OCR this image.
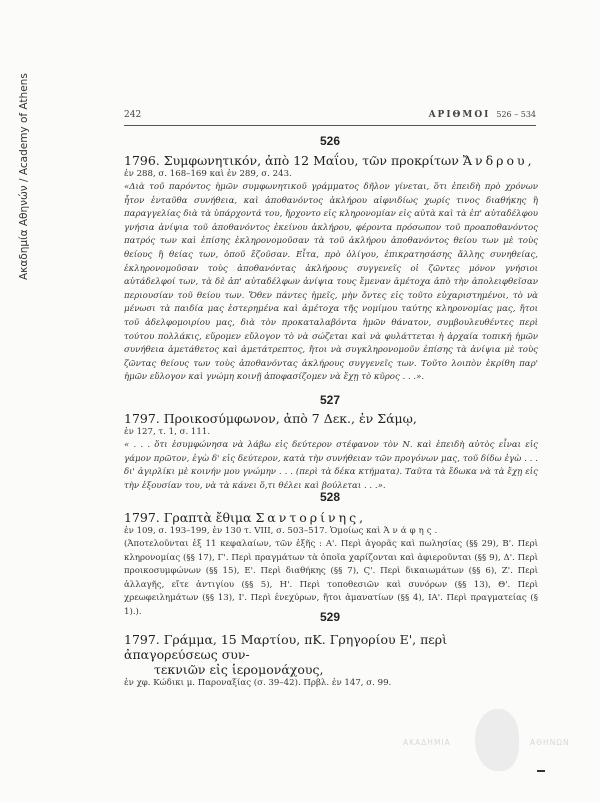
Ακαδημία Αθηνών / Academy of Athens	242	ΑΡΙΘΜΟΙ 526 – 534
526
1796. Συμφωνητικόν, ἀπὸ 12 Μαΐου, τῶν προκρίτων Ἄνδρου,
ἐν 288, σ. 168–169 καὶ ἐν 289, σ. 243.
«Διὰ τοῦ παρόντος ἡμῶν συμφωνητικοῦ γράμματος δῆλον γίνεται, ὅτι ἐπειδὴ πρὸ χρόνων ἦτον ἐνταῦθα συνήθεια, καὶ ἀποθανόντος ἀκλήρου αἰφνιδίως χωρίς τινος διαθήκης ἢ παραγγελίας διὰ τὰ ὑπάρχοντά του, ἤρχοντο εἰς κληρονομίαν εἰς αὐτὰ καὶ τὰ ἐπ' αὐταδέλφου γνήσια ἀνίψια τοῦ ἀποθανόντος ἐκείνου ἀκλήρου, φέροντα πρόσωπον τοῦ προαποθανόντος πατρός των καὶ ἐπίσης ἐκληρονομοῦσαν τὰ τοῦ ἀκλήρου ἀποθανόντος θείου των μὲ τοὺς θείους ἢ θείας των, ὁποῦ ἔζοῦσαν. Εἶτα, πρὸ ὀλίγου, ἐπικρατησάσης ἄλλης συνηθείας, ἐκληρονομοῦσαν τοὺς ἀποθανόντας ἀκλήρους συγγενεῖς οἱ ζῶντες μόνον γνήσιοι αὐτάδελφοί των, τὰ δὲ ἀπ' αὐταδέλφων ἀνίψια τους ἔμεναν ἀμέτοχα ἀπὸ τὴν ἀπολειφθεῖσαν περιουσίαν τοῦ θείου των. Ὅθεν πάντες ἡμεῖς, μὴν ὄντες εἰς τοῦτο εὐχαριστημένοι, τὸ νὰ μένωσι τὰ παιδία μας ἐστερημένα καὶ ἀμέτοχα τῆς νομίμου ταύτης κληρονομίας μας, ἤτοι τοῦ ἀδελφομοιρίου μας, διὰ τὸν προκαταλαβόντα ἡμῶν θάνατον, συμβουλευθέντες περὶ τούτου πολλάκις, εὕρομεν εὔλογον τὸ νὰ σώζεται καὶ νὰ φυλάττεται ἡ ἀρχαία τοπική ἡμῶν συνήθεια ἀμετάθετος καὶ ἀμετάτρεπτος, ἤτοι νὰ συγκληρονομοῦν ἐπίσης τὰ ἀνίψια μὲ τοὺς ζῶντας θείους των τοὺς ἀποθανόντας ἀκλήρους συγγενεῖς των. Τοῦτο λοιπὸν ἐκρίθη παρ' ἡμῶν εὔλογον καὶ γνώμη κοινῇ ἀποφασίζομεν νὰ ἔχῃ τὸ κῦρος . . .».
527
1797. Προικοσύμφωνον, ἀπὸ 7 Δεκ., ἐν Σάμῳ,
ἐν 127, τ. 1, σ. 111.
« . . . ὅτι ἐσυμφώνησα νὰ λάβω εἰς δεύτερον στέφανον τὸν Ν. καὶ ἐπειδὴ αὐτὸς εἶναι εἰς γάμον πρῶτον, ἐγὼ δ' εἰς δεύτερον, κατὰ τὴν συνήθειαν τῶν προγόνων μας, τοῦ δίδω ἐγὼ . . . δι' ἀγιρλίκι μὲ κοινήν μου γνώμην . . . (περὶ τὰ δέκα κτήματα). Ταῦτα τὰ ἔδωκα νὰ τὰ ἔχῃ εἰς τὴν ἐξουσίαν του, νὰ τὰ κάνει ὅ,τι θέλει καὶ βούλεται . . .».
528
1797. Γραπτὰ ἔθιμα Σαντορίνης,
ἐν 109, σ. 193–199, ἐν 130 τ. VIII, σ. 503–517. Ὁμοίως καὶ Ἀνάφης.
(Ἀποτελοῦνται ἐξ 11 κεφαλαίων, τῶν ἑξῆς : Α'. Περὶ ἀγορᾶς καὶ πωλησίας (§§ 29), Β'. Περὶ κληρονομίας (§§ 17), Γ'. Περὶ πραγμάτων τὰ ὁποῖα χαρίζονται καὶ ἀφιεροῦνται (§§ 9), Δ'. Περὶ προικοσυμφώνων (§§ 15), Ε'. Περὶ διαθήκης (§§ 7), Ϛ'. Περὶ δικαιωμάτων (§§ 6), Ζ'. Περὶ ἀλλαγῆς, εἴτε ἀντιγίου (§§ 5), Η'. Περὶ τοποθεσιῶν καὶ συνόρων (§§ 13), Θ'. Περὶ χρεωφειλημάτων (§§ 13), Ι'. Περὶ ἐνεχύρων, ἤτοι ἀμανατίων (§§ 4), ΙΑ'. Περὶ πραγματείας (§ 1).).	529
1797. Γράμμα, 15 Μαρτίου, πΚ. Γρηγορίου Ε', περὶ ἀπαγορεύσεως συν-
τεκνιῶν εἰς ἱερομονάχους,
ἐν χφ. Κώδικι μ. Παροναξίας (σ. 39–42). Πρβλ. ἐν 147, σ. 99.
ΑΚΑΔΗΜΙΑ	ΑΘΗΝΩΝ
